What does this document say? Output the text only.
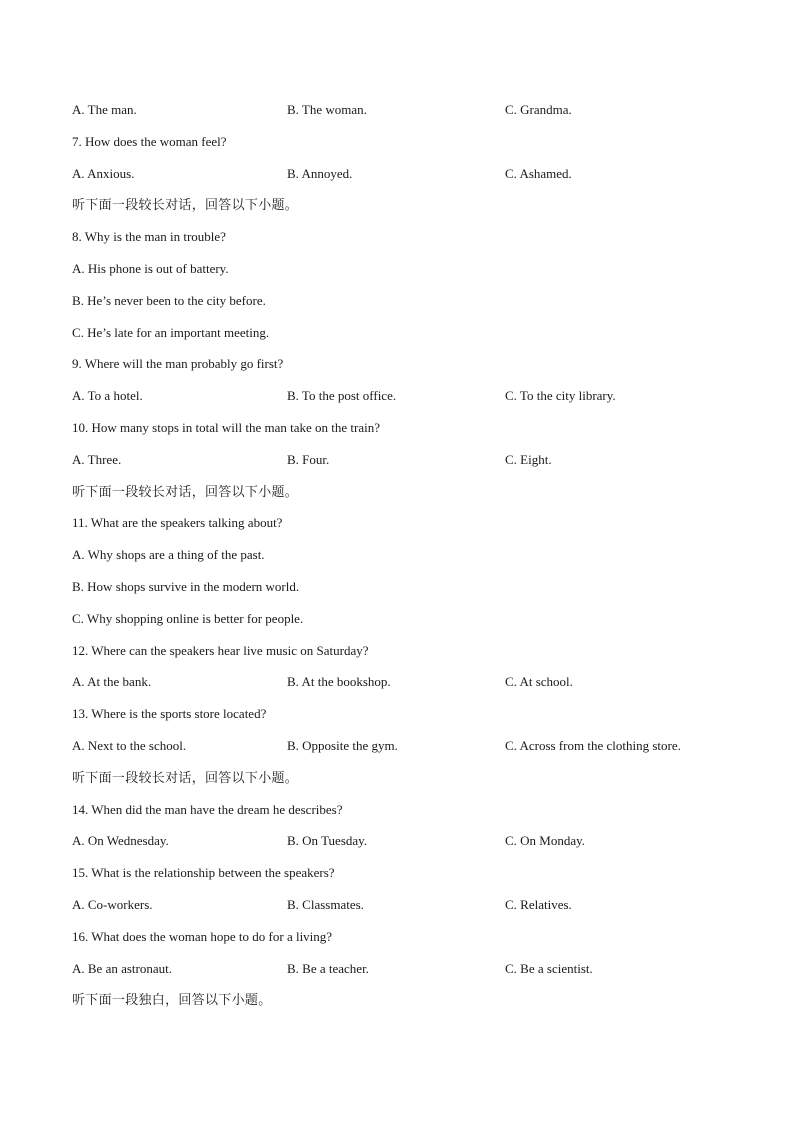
A. The man.	B. The woman.	C. Grandma.
7. How does the woman feel?
A. Anxious.	B. Annoyed.	C. Ashamed.
听下面一段较长对话，回答以下小题。
8. Why is the man in trouble?
A. His phone is out of battery.
B. He’s never been to the city before.
C. He’s late for an important meeting.
9. Where will the man probably go first?
A. To a hotel.	B. To the post office.	C. To the city library.
10. How many stops in total will the man take on the train?
A. Three.	B. Four.	C. Eight.
听下面一段较长对话，回答以下小题。
11. What are the speakers talking about?
A. Why shops are a thing of the past.
B. How shops survive in the modern world.
C. Why shopping online is better for people.
12. Where can the speakers hear live music on Saturday?
A. At the bank.	B. At the bookshop.	C. At school.
13. Where is the sports store located?
A. Next to the school.	B. Opposite the gym.	C. Across from the clothing store.
听下面一段较长对话，回答以下小题。
14. When did the man have the dream he describes?
A. On Wednesday.	B. On Tuesday.	C. On Monday.
15. What is the relationship between the speakers?
A. Co-workers.	B. Classmates.	C. Relatives.
16. What does the woman hope to do for a living?
A. Be an astronaut.	B. Be a teacher.	C. Be a scientist.
听下面一段独白，回答以下小题。
